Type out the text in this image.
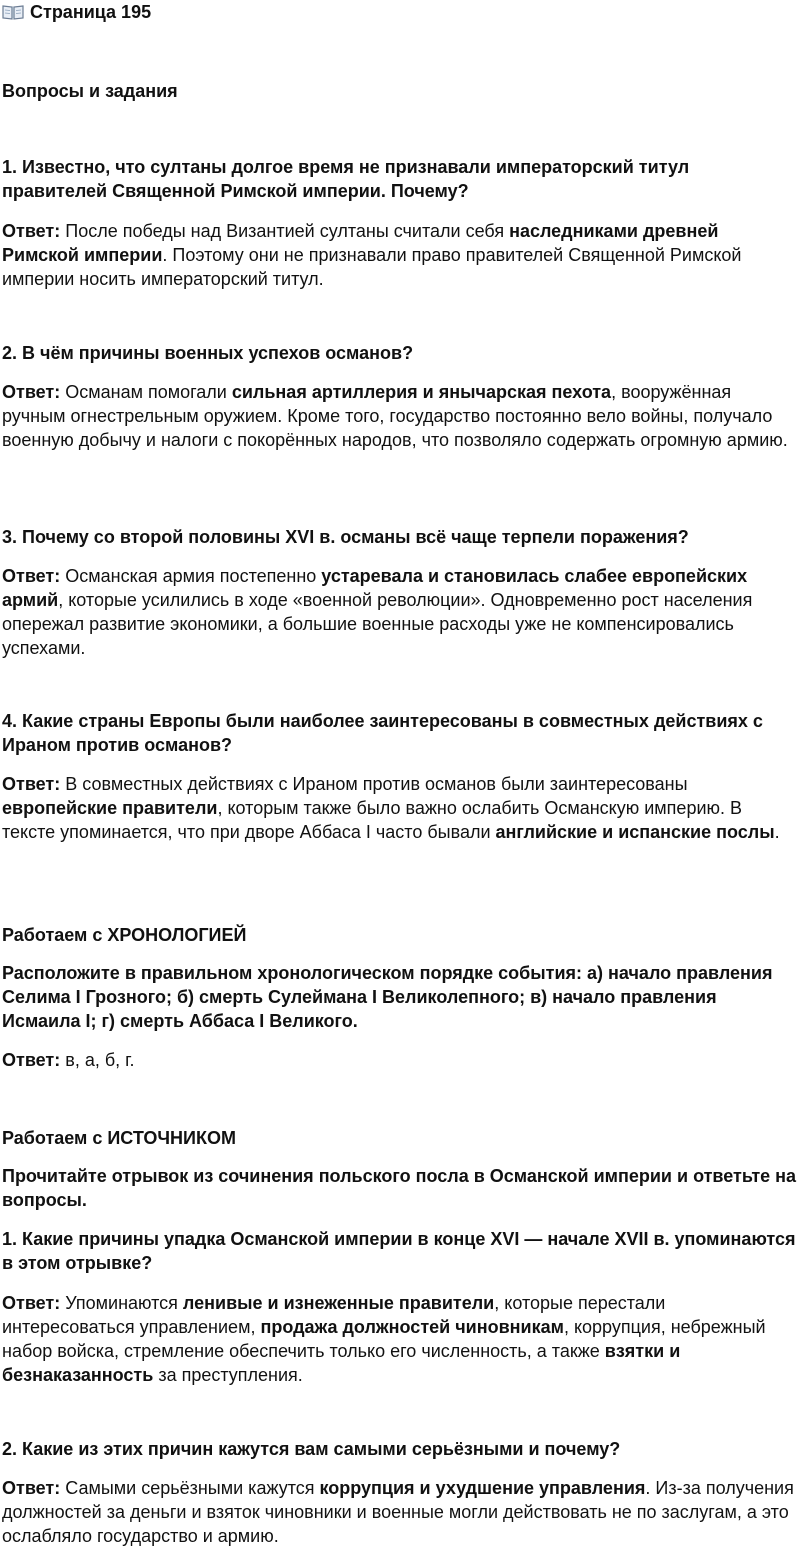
Страница 195

Вопросы и задания

1. Известно, что султаны долгое время не признавали императорский титул правителей Священной Римской империи. Почему?

Ответ: После победы над Византией султаны считали себя наследниками древней Римской империи. Поэтому они не признавали право правителей Священной Римской империи носить императорский титул.

2. В чём причины военных успехов османов?

Ответ: Османам помогали сильная артиллерия и янычарская пехота, вооружённая ручным огнестрельным оружием. Кроме того, государство постоянно вело войны, получало военную добычу и налоги с покорённых народов, что позволяло содержать огромную армию.

3. Почему со второй половины XVI в. османы всё чаще терпели поражения?

Ответ: Османская армия постепенно устаревала и становилась слабее европейских армий, которые усилились в ходе «военной революции». Одновременно рост населения опережал развитие экономики, а большие военные расходы уже не компенсировались успехами.

4. Какие страны Европы были наиболее заинтересованы в совместных действиях с Ираном против османов?

Ответ: В совместных действиях с Ираном против османов были заинтересованы европейские правители, которым также было важно ослабить Османскую империю. В тексте упоминается, что при дворе Аббаса I часто бывали английские и испанские послы.

Работаем с ХРОНОЛОГИЕЙ

Расположите в правильном хронологическом порядке события: а) начало правления Селима I Грозного; б) смерть Сулеймана I Великолепного; в) начало правления Исмаила I; г) смерть Аббаса I Великого.

Ответ: в, а, б, г.

Работаем с ИСТОЧНИКОМ

Прочитайте отрывок из сочинения польского посла в Османской империи и ответьте на вопросы.

1. Какие причины упадка Османской империи в конце XVI — начале XVII в. упоминаются в этом отрывке?

Ответ: Упоминаются ленивые и изнеженные правители, которые перестали интересоваться управлением, продажа должностей чиновникам, коррупция, небрежный набор войска, стремление обеспечить только его численность, а также взятки и безнаказанность за преступления.

2. Какие из этих причин кажутся вам самыми серьёзными и почему?

Ответ: Самыми серьёзными кажутся коррупция и ухудшение управления. Из-за получения должностей за деньги и взяток чиновники и военные могли действовать не по заслугам, а это ослабляло государство и армию.
